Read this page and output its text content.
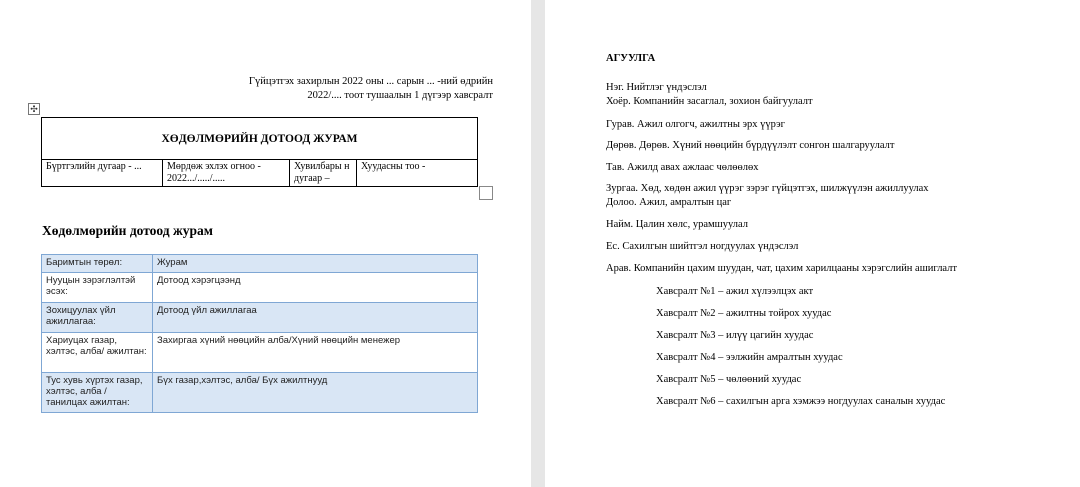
Гүйцэтгэх захирлын 2022 оны ... сарын ... -ний өдрийн
2022/.... тоот тушаалын 1 дүгээр хавсралт
✣
ХӨДӨЛМӨРИЙН ДОТООД ЖУРАМ
Бүртгэлийн дугаар - ...	Мөрдөж эхлэх огноо - 2022.../...../.....	Хувилбары н дугаар –	Хуудасны тоо -
Хөдөлмөрийн дотоод журам
Баримтын төрөл:	Журам
Нууцын зэрэглэлтэй эсэх:	Дотоод хэрэгцээнд
Зохицуулах үйл ажиллагаа:	Дотоод үйл ажиллагаа
Хариуцах газар, хэлтэс, алба/ ажилтан:	Захиргаа хүний нөөцийн алба/Хүний нөөцийн менежер
Тус хувь хүртэх газар, хэлтэс, алба / танилцах ажилтан:	Бүх газар,хэлтэс, алба/ Бүх ажилтнууд
АГУУЛГА
Нэг. Нийтлэг үндэслэл
Хоёр. Компанийн засаглал, зохион байгуулалт
Гурав. Ажил олгогч, ажилтны эрх үүрэг
Дөрөв. Дөрөв. Хүний нөөцийн бүрдүүлэлт сонгон шалгаруулалт
Тав. Ажилд авах ажлаас чөлөөлөх
Зургаа. Хөд, хөдөн ажил үүрэг зэрэг гүйцэтгэх, шилжүүлэн ажиллуулах
Долоо. Ажил, амралтын цаг
Найм. Цалин хөлс, урамшуулал
Ес. Сахилгын шийтгэл ногдуулах үндэслэл
Арав. Компанийн цахим шуудан, чат, цахим харилцааны хэрэгслийн ашиглалт
Хавсралт №1 – ажил хүлээлцэх акт
Хавсралт №2 – ажилтны тойрох хуудас
Хавсралт №3 – илүү цагийн хуудас
Хавсралт №4 – ээлжийн амралтын хуудас
Хавсралт №5 – чөлөөний хуудас
Хавсралт №6 – сахилгын арга хэмжээ ногдуулах саналын хуудас
